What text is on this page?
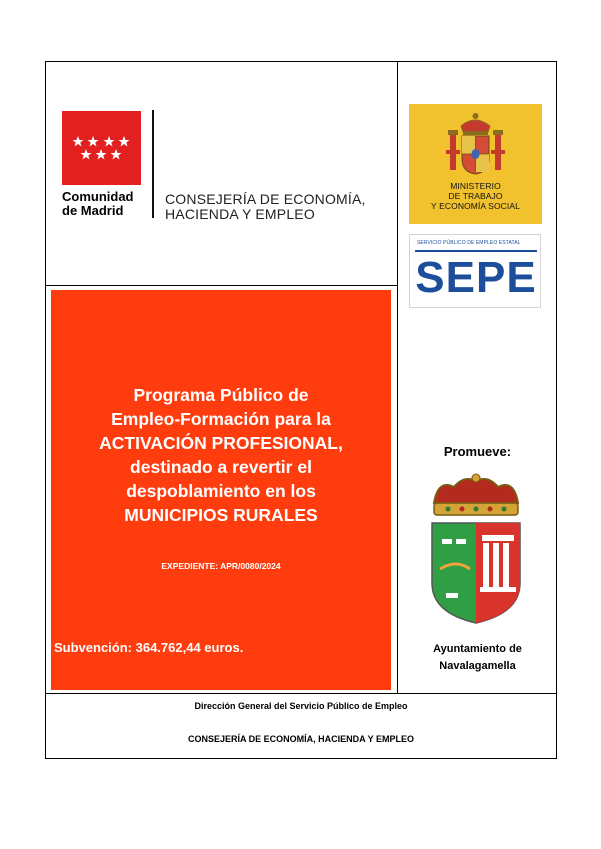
Comunidad
de Madrid
CONSEJERÍA DE ECONOMÍA,
HACIENDA Y EMPLEO
MINISTERIO
DE TRABAJO
Y ECONOMÍA SOCIAL
SERVICIO PÚBLICO DE EMPLEO ESTATAL
SEPE
Programa Público de
Empleo-Formación para la
ACTIVACIÓN PROFESIONAL,
destinado a revertir el
despoblamiento en los
MUNICIPIOS RURALES
EXPEDIENTE: APR/0080/2024
Subvención: 364.762,44 euros.
Promueve:
Ayuntamiento de
Navalagamella
Dirección General del Servicio Público de Empleo
CONSEJERÍA DE ECONOMÍA, HACIENDA Y EMPLEO
